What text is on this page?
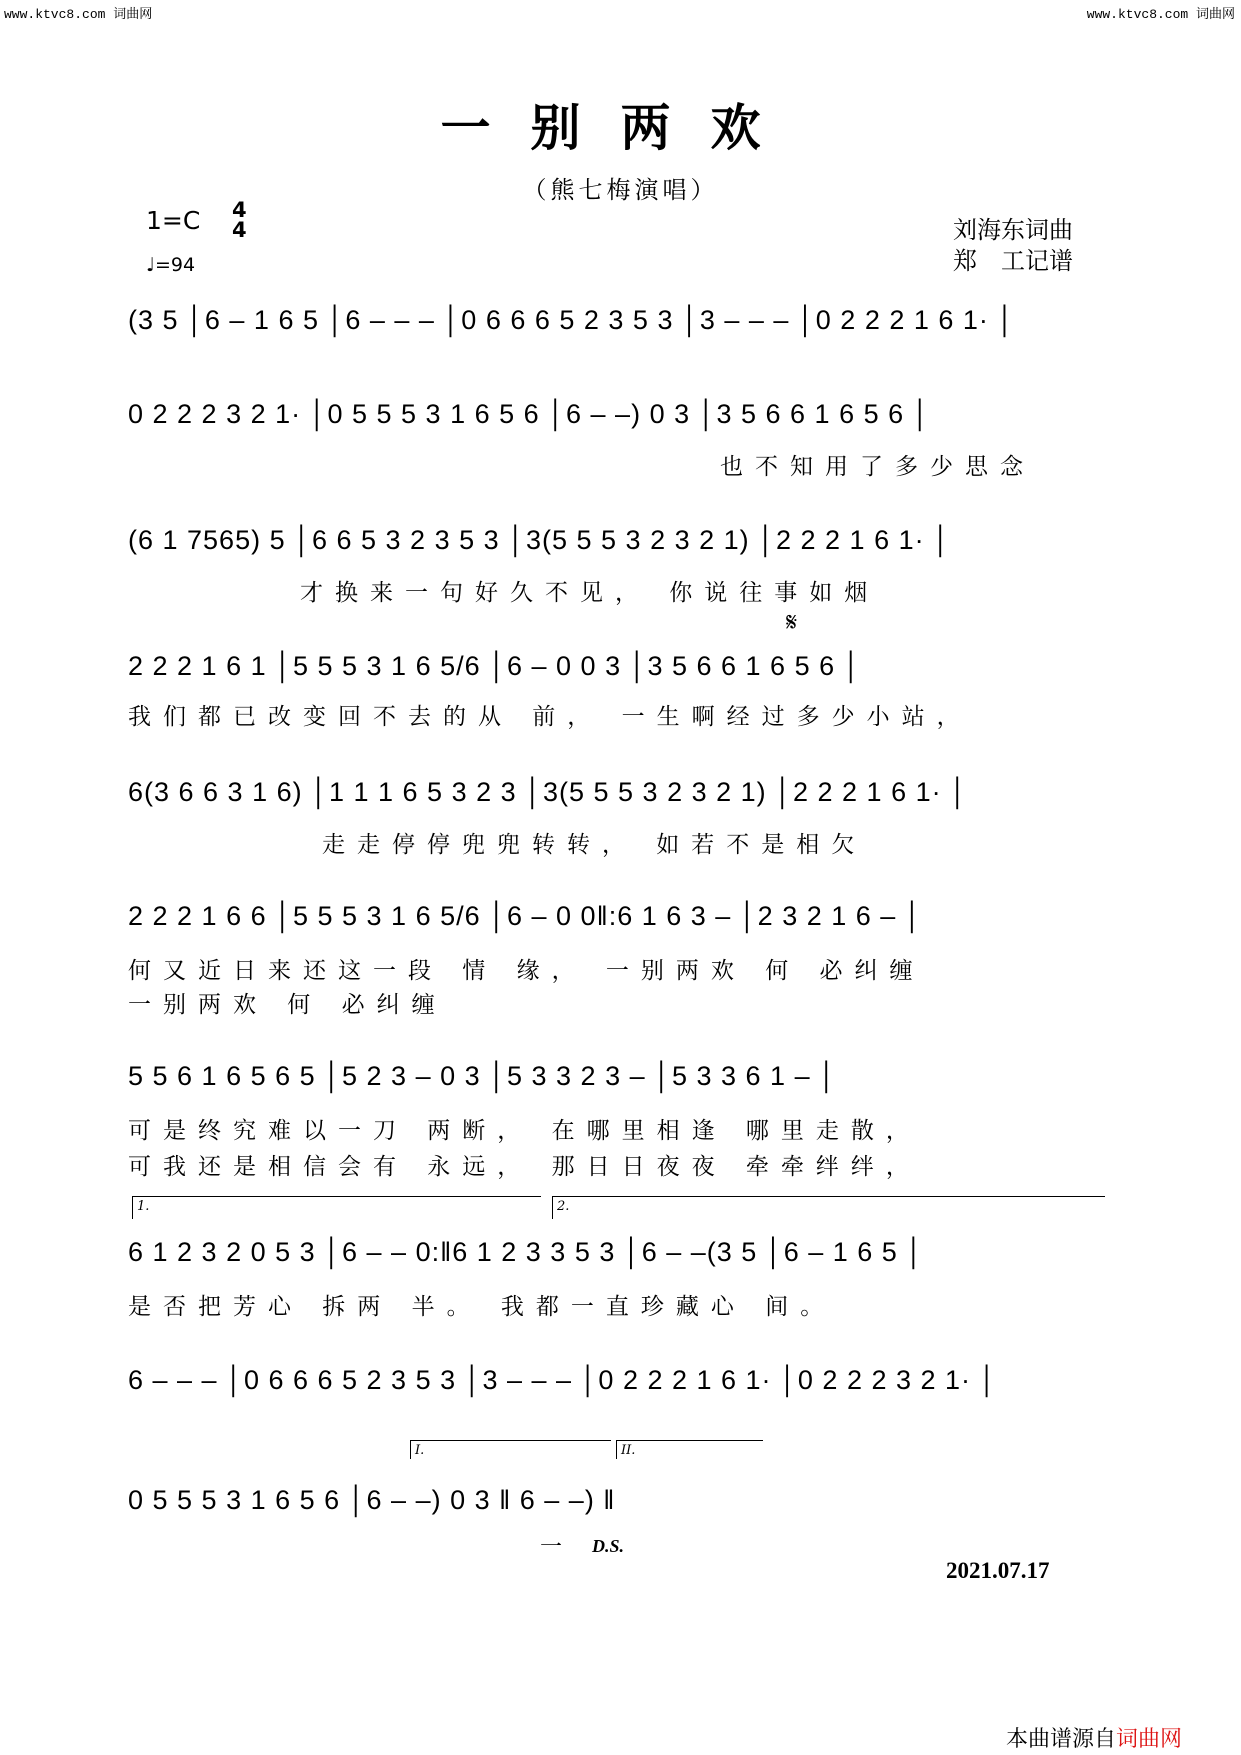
www.ktvc8.com 词曲网	www.ktvc8.com 词曲网
一别两欢
（熊七梅演唱）
1=C 4
4
♩=94
刘海东词曲
郑　工记谱
(3 5 │6 – 1 6 5 │6 – – – │0 6 6 6 5 2 3 5 3 │3 – – – │0 2 2 2 1 6 1· │
0 2 2 2 3 2 1· │0 5 5 5 3 1 6 5 6 │6 – –) 0 3 │3 5 6 6 1 6 5 6 │
也不知用了多少思念
(6 1 7565) 5 │6 6 5 3 2 3 5 3 │3(5 5 5 3 2 3 2 1) │2 2 2 1 6 1· │
才换来一句好久不见， 你说往事如烟
𝄋
2 2 2 1 6 1 │5 5 5 3 1 6 5/6 │6 – 0 0 3 │3 5 6 6 1 6 5 6 │
我们都已改变回不去的从 前， 一生啊经过多少小站，
6(3 6 6 3 1 6) │1 1 1 6 5 3 2 3 │3(5 5 5 3 2 3 2 1) │2 2 2 1 6 1· │
走走停停兜兜转转， 如若不是相欠
2 2 2 1 6 6 │5 5 5 3 1 6 5/6 │6 – 0 0‖:6 1 6 3 – │2 3 2 1 6 – │
何又近日来还这一段 情 缘， 一别两欢 何 必纠缠
一别两欢 何 必纠缠
5 5 6 1 6 5 6 5 │5 2 3 – 0 3 │5 3 3 2 3 – │5 3 3 6 1 – │
可是终究难以一刀 两断， 在哪里相逢 哪里走散，
可我还是相信会有 永远， 那日日夜夜 牵牵绊绊，
1.	2.
6 1 2 3 2 0 5 3 │6 – – 0:‖6 1 2 3 3 5 3 │6 – –(3 5 │6 – 1 6 5 │
是否把芳心 拆两 半。 我都一直珍藏心 间。
6 – – – │0 6 6 6 5 2 3 5 3 │3 – – – │0 2 2 2 1 6 1· │0 2 2 2 3 2 1· │
I.	II.
0 5 5 5 3 1 6 5 6 │6 – –) 0 3 ‖ 6 – –) ‖
一 D.S.
2021.07.17
本曲谱源自词曲网
